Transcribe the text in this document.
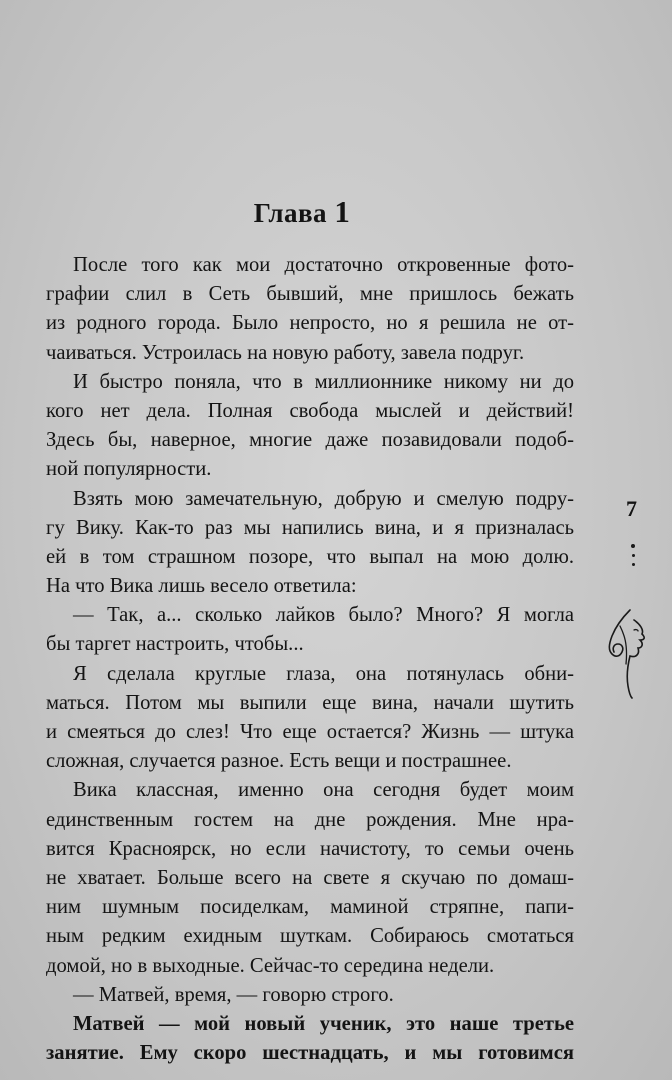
Глава 1
После того как мои достаточно откровенные фото-
графии слил в Сеть бывший, мне пришлось бежать
из родного города. Было непросто, но я решила не от-
чаиваться. Устроилась на новую работу, завела подруг.
И быстро поняла, что в миллионнике никому ни до
кого нет дела. Полная свобода мыслей и действий!
Здесь бы, наверное, многие даже позавидовали подоб-
ной популярности.
Взять мою замечательную, добрую и смелую подру-
гу Вику. Как-то раз мы напились вина, и я призналась
ей в том страшном позоре, что выпал на мою долю.
На что Вика лишь весело ответила:
— Так, а... сколько лайков было? Много? Я могла
бы таргет настроить, чтобы...
Я сделала круглые глаза, она потянулась обни-
маться. Потом мы выпили еще вина, начали шутить
и смеяться до слез! Что еще остается? Жизнь — штука
сложная, случается разное. Есть вещи и пострашнее.
Вика классная, именно она сегодня будет моим
единственным гостем на дне рождения. Мне нра-
вится Красноярск, но если начистоту, то семьи очень
не хватает. Больше всего на свете я скучаю по домаш-
ним шумным посиделкам, маминой стряпне, папи-
ным редким ехидным шуткам. Собираюсь смотаться
домой, но в выходные. Сейчас-то середина недели.
— Матвей, время, — говорю строго.
Матвей — мой новый ученик, это наше третье
занятие. Ему скоро шестнадцать, и мы готовимся
7
